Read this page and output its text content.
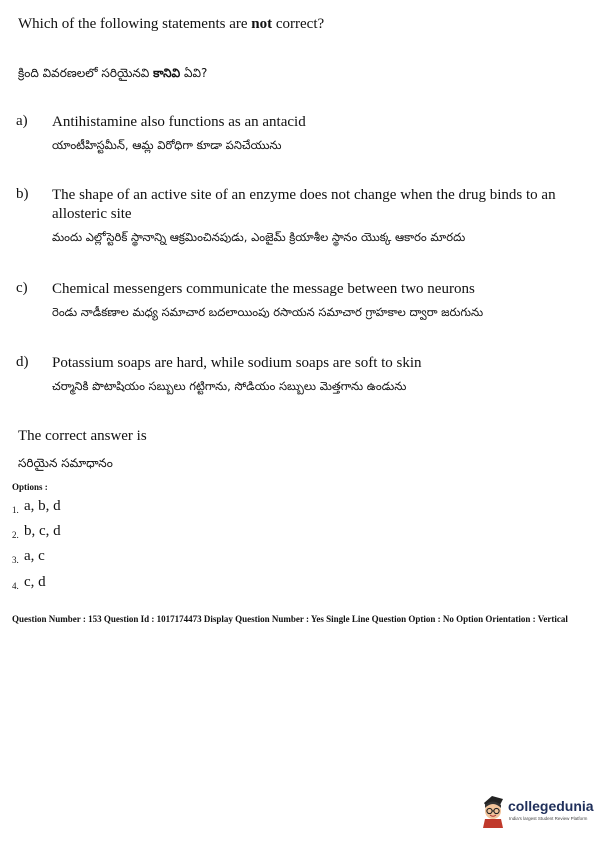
Which of the following statements are not correct?
క్రింది వివరణలలో సరియైనవి కానివి ఏవి?
a) Antihistamine also functions as an antacid
యాంటీహిస్టమీన్, ఆమ్ల విరోధిగా కూడా పనిచేయును
b) The shape of an active site of an enzyme does not change when the drug binds to an allosteric site
మందు ఎల్లోస్టెరిక్ స్థానాన్ని ఆక్రమించినపుడు, ఎంజైమ్ క్రియాశీల స్థానం యొక్క ఆకారం మారదు
c) Chemical messengers communicate the message between two neurons
రెండు నాడీకణాల మధ్య సమాచార బదలాయింపు రసాయన సమాచార గ్రాహకాల ద్వారా జరుగును
d) Potassium soaps are hard, while sodium soaps are soft to skin
చర్మానికి పొటాషియం సబ్బులు గట్టిగాను, సోడియం సబ్బులు మెత్తగాను ఉండును
The correct answer is
సరియైన సమాధానం
Options :
1. a, b, d
2. b, c, d
3. a, c
4. c, d
Question Number : 153 Question Id : 1017174473 Display Question Number : Yes Single Line Question Option : No Option Orientation : Vertical
collegedunia
India's largest Student Review Platform
